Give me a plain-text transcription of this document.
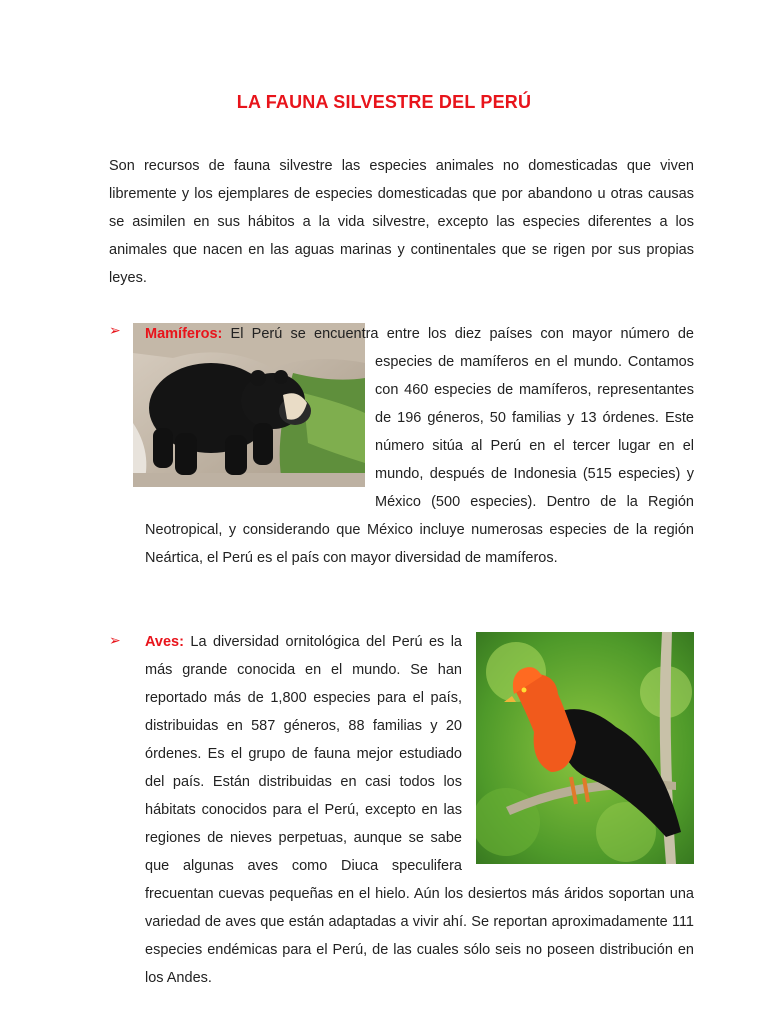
LA FAUNA SILVESTRE DEL PERÚ

Son recursos de fauna silvestre las especies animales no domesticadas que viven libremente y los ejemplares de especies domesticadas que por abandono u otras causas se asimilen en sus hábitos a la vida silvestre, excepto las especies diferentes a los animales que nacen en las aguas marinas y continentales que se rigen por sus propias leyes.

➢	Mamíferos:
El Perú se encuentra entre los diez países con mayor número de especies de mamíferos en el mundo. Contamos con 460 especies de mamíferos, representantes de 196 géneros, 50 familias y 13 órdenes. Este número sitúa al Perú en el tercer lugar en el mundo, después de Indonesia (515 especies) y México (500 especies). Dentro de la Región Neotropical, y considerando que México incluye numerosas especies de la región Neártica, el Perú es el país con mayor diversidad de mamíferos.

➢	Aves: La diversidad ornitológica del Perú es la más grande conocida en el mundo. Se han reportado más de 1,800 especies para el país, distribuidas en 587 géneros, 88 familias y 20 órdenes. Es el grupo de fauna mejor estudiado del país. Están distribuidas en casi todos los hábitats conocidos para el Perú, excepto en las regiones de nieves perpetuas, aunque se sabe que algunas aves como Diuca speculifera frecuentan cuevas pequeñas en el hielo. Aún los desiertos más áridos soportan una variedad de aves que están adaptadas a vivir ahí. Se reportan aproximadamente 111 especies endémicas para el Perú, de las cuales sólo seis no poseen distribución en los Andes.
